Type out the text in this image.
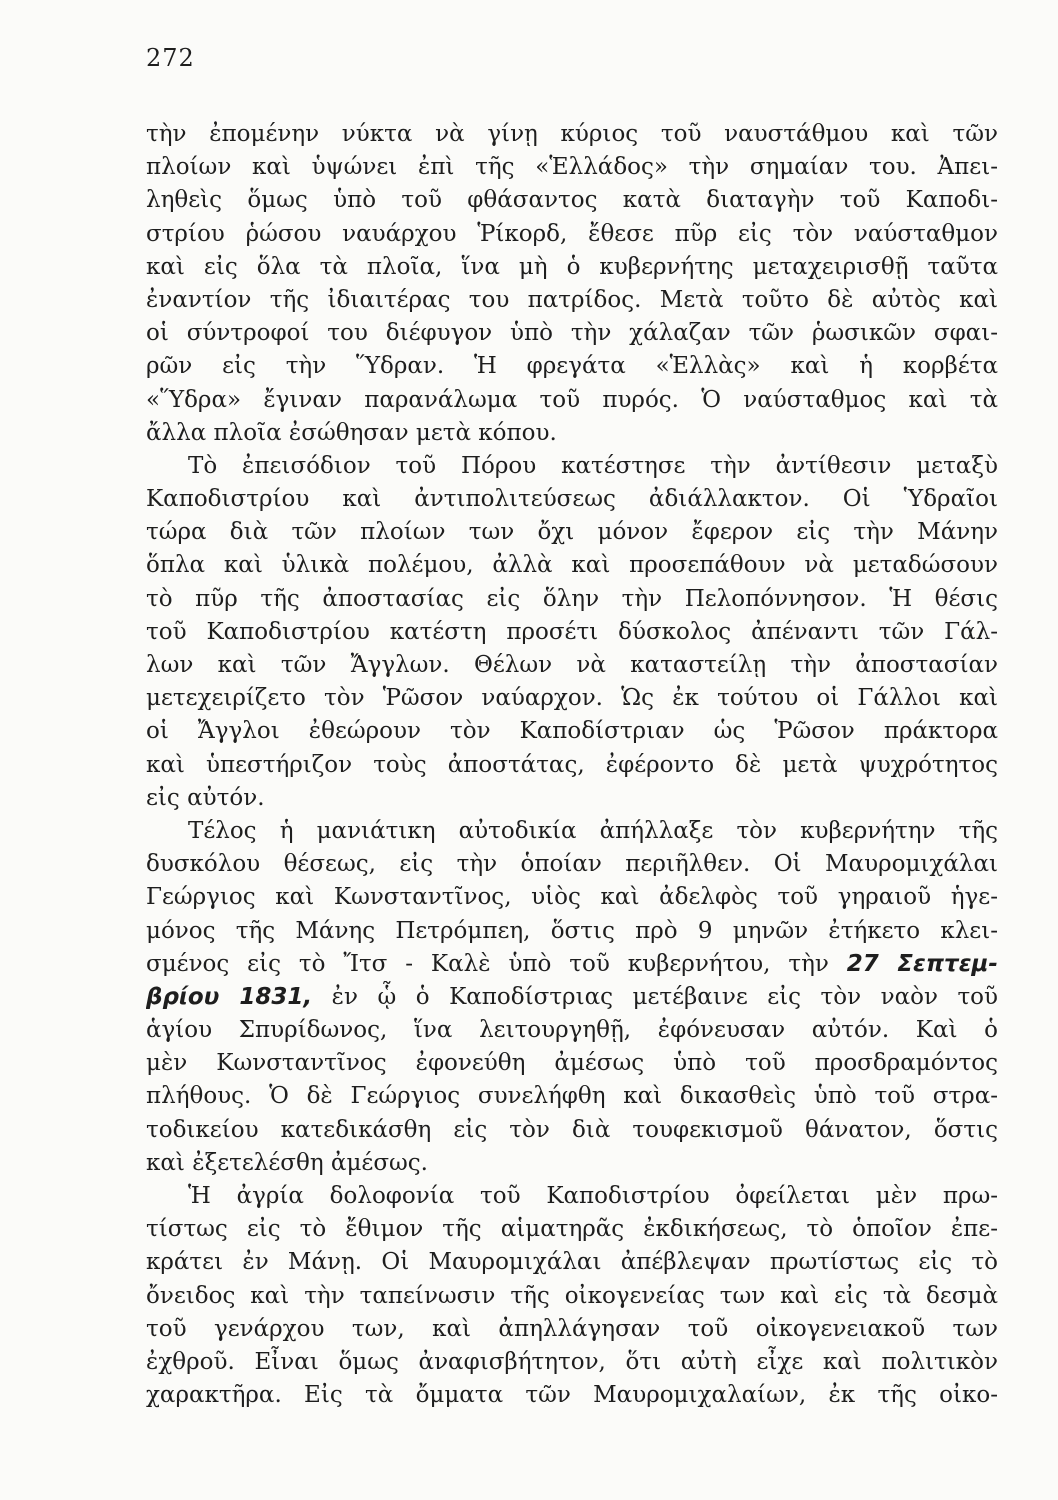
272

τὴν ἐπομένην νύκτα νὰ γίνῃ κύριος τοῦ ναυστάθμου καὶ τῶν
πλοίων καὶ ὑψώνει ἐπὶ τῆς «Ἑλλάδος» τὴν σημαίαν του. Ἀπει-
ληθεὶς ὅμως ὑπὸ τοῦ φθάσαντος κατὰ διαταγὴν τοῦ Καποδι-
στρίου ῥώσου ναυάρχου Ῥίκορδ, ἔθεσε πῦρ εἰς τὸν ναύσταθμον
καὶ εἰς ὅλα τὰ πλοῖα, ἵνα μὴ ὁ κυβερνήτης μεταχειρισθῇ ταῦτα
ἐναντίον τῆς ἰδιαιτέρας του πατρίδος. Μετὰ τοῦτο δὲ αὐτὸς καὶ
οἱ σύντροφοί του διέφυγον ὑπὸ τὴν χάλαζαν τῶν ῥωσικῶν σφαι-
ρῶν εἰς τὴν Ὕδραν. Ἡ φρεγάτα «Ἑλλὰς» καὶ ἡ κορβέτα
«Ὕδρα» ἔγιναν παρανάλωμα τοῦ πυρός. Ὁ ναύσταθμος καὶ τὰ
ἄλλα πλοῖα ἐσώθησαν μετὰ κόπου.
Τὸ ἐπεισόδιον τοῦ Πόρου κατέστησε τὴν ἀντίθεσιν μεταξὺ
Καποδιστρίου καὶ ἀντιπολιτεύσεως ἀδιάλλακτον. Οἱ Ὑδραῖοι
τώρα διὰ τῶν πλοίων των ὄχι μόνον ἔφερον εἰς τὴν Μάνην
ὅπλα καὶ ὑλικὰ πολέμου, ἀλλὰ καὶ προσεπάθουν νὰ μεταδώσουν
τὸ πῦρ τῆς ἀποστασίας εἰς ὅλην τὴν Πελοπόννησον. Ἡ θέσις
τοῦ Καποδιστρίου κατέστη προσέτι δύσκολος ἀπέναντι τῶν Γάλ-
λων καὶ τῶν Ἄγγλων. Θέλων νὰ καταστείλῃ τὴν ἀποστασίαν
μετεχειρίζετο τὸν Ῥῶσον ναύαρχον. Ὡς ἐκ τούτου οἱ Γάλλοι καὶ
οἱ Ἄγγλοι ἐθεώρουν τὸν Καποδίστριαν ὡς Ῥῶσον πράκτορα
καὶ ὑπεστήριζον τοὺς ἀποστάτας, ἐφέροντο δὲ μετὰ ψυχρότητος
εἰς αὐτόν.
Τέλος ἡ μανιάτικη αὐτοδικία ἀπήλλαξε τὸν κυβερνήτην τῆς
δυσκόλου θέσεως, εἰς τὴν ὁποίαν περιῆλθεν. Οἱ Μαυρομιχάλαι
Γεώργιος καὶ Κωνσταντῖνος, υἱὸς καὶ ἀδελφὸς τοῦ γηραιοῦ ἡγε-
μόνος τῆς Μάνης Πετρόμπεη, ὅστις πρὸ 9 μηνῶν ἐτήκετο κλει-
σμένος εἰς τὸ Ἴτσ - Καλὲ ὑπὸ τοῦ κυβερνήτου, τὴν 27 Σεπτεμ-
βρίου 1831, ἐν ᾧ ὁ Καποδίστριας μετέβαινε εἰς τὸν ναὸν τοῦ
ἁγίου Σπυρίδωνος, ἵνα λειτουργηθῇ, ἐφόνευσαν αὐτόν. Καὶ ὁ
μὲν Κωνσταντῖνος ἐφονεύθη ἀμέσως ὑπὸ τοῦ προσδραμόντος
πλήθους. Ὁ δὲ Γεώργιος συνελήφθη καὶ δικασθεὶς ὑπὸ τοῦ στρα-
τοδικείου κατεδικάσθη εἰς τὸν διὰ τουφεκισμοῦ θάνατον, ὅστις
καὶ ἐξετελέσθη ἀμέσως.
Ἡ ἀγρία δολοφονία τοῦ Καποδιστρίου ὀφείλεται μὲν πρω-
τίστως εἰς τὸ ἔθιμον τῆς αἱματηρᾶς ἐκδικήσεως, τὸ ὁποῖον ἐπε-
κράτει ἐν Μάνῃ. Οἱ Μαυρομιχάλαι ἀπέβλεψαν πρωτίστως εἰς τὸ
ὄνειδος καὶ τὴν ταπείνωσιν τῆς οἰκογενείας των καὶ εἰς τὰ δεσμὰ
τοῦ γενάρχου των, καὶ ἀπηλλάγησαν τοῦ οἰκογενειακοῦ των
ἐχθροῦ. Εἶναι ὅμως ἀναφισβήτητον, ὅτι αὐτὴ εἶχε καὶ πολιτικὸν
χαρακτῆρα. Εἰς τὰ ὄμματα τῶν Μαυρομιχαλαίων, ἐκ τῆς οἰκο-
